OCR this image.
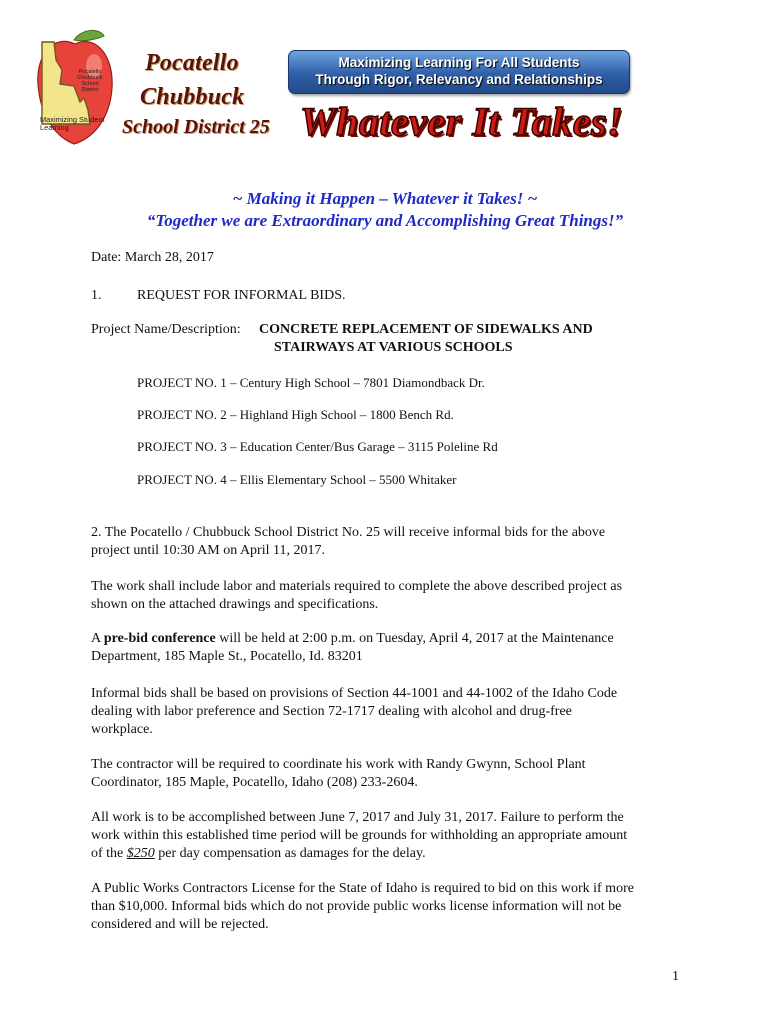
Pocatello Chubbuck School District
Maximizing Student Learning
Pocatello
Chubbuck
School District 25
Maximizing Learning For All Students
Through Rigor, Relevancy and Relationships
Whatever It Takes!
~ Making it Happen – Whatever it Takes! ~
“Together we are Extraordinary and Accomplishing Great Things!”
Date: March 28, 2017
1.	REQUEST FOR INFORMAL BIDS.
Project Name/Description: CONCRETE REPLACEMENT OF SIDEWALKS AND
STAIRWAYS AT VARIOUS SCHOOLS
PROJECT NO. 1 – Century High School – 7801 Diamondback Dr.
PROJECT NO. 2 – Highland High School – 1800 Bench Rd.
PROJECT NO. 3 – Education Center/Bus Garage – 3115 Poleline Rd
PROJECT NO. 4 – Ellis Elementary School – 5500 Whitaker
2. The Pocatello / Chubbuck School District No. 25 will receive informal bids for the above
project until 10:30 AM on April 11, 2017.
The work shall include labor and materials required to complete the above described project as
shown on the attached drawings and specifications.
A pre-bid conference will be held at 2:00 p.m. on Tuesday, April 4, 2017 at the Maintenance
Department, 185 Maple St., Pocatello, Id. 83201
Informal bids shall be based on provisions of Section 44-1001 and 44-1002 of the Idaho Code
dealing with labor preference and Section 72-1717 dealing with alcohol and drug-free
workplace.
The contractor will be required to coordinate his work with Randy Gwynn, School Plant
Coordinator, 185 Maple, Pocatello, Idaho (208) 233-2604.
All work is to be accomplished between June 7, 2017 and July 31, 2017. Failure to perform the
work within this established time period will be grounds for withholding an appropriate amount
of the $250 per day compensation as damages for the delay.
A Public Works Contractors License for the State of Idaho is required to bid on this work if more
than $10,000. Informal bids which do not provide public works license information will not be
considered and will be rejected.
1
